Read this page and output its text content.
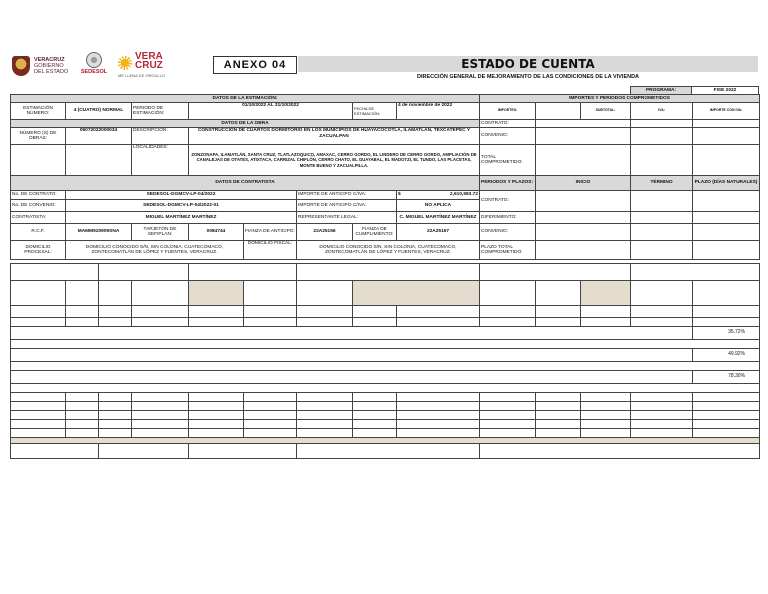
VERACRUZ
GOBIERNO
DEL ESTADO	SEDESOL
VERA
CRUZ
ME LLENA DE ORGULLO
ANEXO 04	ESTADO DE CUENTA
DIRECCIÓN GENERAL DE MEJORAMIENTO DE LAS CONDICIONES DE LA VIVIENDA
PROGRAMA:	FISE 2022
DATOS DE LA ESTIMACIÓN:									IMPORTES Y PERIODOS COMPROMETIDOS				
ESTIMACIÓN NÚMERO:	4 (CUATRO) NORMAL		PERIODO DE ESTIMACIÓN:	01/10/2022 AL 31/10/2022			FECHA DE ESTIMACIÓN:	4 de noviembre de 2022	IMPORTES:		SUBTOTAL:	IVA:	IMPORTE CON IVA:
DATOS DE LA OBRA									CONTRATO:				
NÚMERO (S) DE OBRAS:	05072022000034		DESCRIPCIÓN:	CONSTRUCCIÓN DE CUARTOS DORMITORIO EN LOS MUNICIPIOS DE HUAYACOCOTLA, ILAMATLÁN, TEXCATEPEC Y ZACUALPAN					CONVENIO:				
			LOCALIDADES:	ZONZONAPA, ILAMATLÁN, SANTA CRUZ, TLATLAZOQUICO, AMAXAC, CERRO GORDO, EL LINDERO DE CERRO GORDO, AMPLIACIÓN DE CANALEJAS DE OTATES, ATIXTACA, CARRIZAL CHIFLÓN, CERRO CHATO, EL GUAYABAL, EL MADOTZI, EL TUNDO, LAS PLACETAS, MONTE BUENO Y ZACUALPILLA.					TOTAL COMPROMETIDO:				
DATOS DE CONTRATISTA									PERIODOS Y PLAZOS:	INICIO		TÉRMINO	PLAZO (DÍAS NATURALES)
No. DE CONTRATO:	SEDESOL-DGMCV-LP-04/2022					IMPORTE DE ANTICIPO C/IVA:		$ 2,610,583.72	CONTRATO:				
No. DE CONVENIO:	SEDESOL-DGMCV-LP-04/2022-01					IMPORTE DE ANTICIPO C/IVA:		NO APLICA					
CONTRATISTA:	MIGUEL MARTÍNEZ MARTÍNEZ					REPRESENTANTE LEGAL:		C. MIGUEL MARTÍNEZ MARTÍNEZ	DIFERIMIENTO:				
R.C.F.	MAMM920909SNA		TARJETÓN DE SEFIPLAN:	0084744	FIANZA DE ANTICIPO:	22A25156	FIANZA DE CUMPLIMIENTO:	22A25167	CONVENIO:				
DOMICILIO PROCESAL:	DOMICILIO CONOCIDO S/N, SIN COLONIA, CUATECOMACO, ZONTECOMATLÁN DE LÓPEZ Y FUENTES, VERACRUZ.				DOMICILIO FISCAL:	DOMICILIO CONOCIDO S/N, SIN COLONIA, CUATECOMACO, ZONTECOMATLÁN DE LÓPEZ Y FUENTES, VERACRUZ.			PLAZO TOTAL COMPROMETIDO:				

													35.72%

													49.92%

													78.30%
